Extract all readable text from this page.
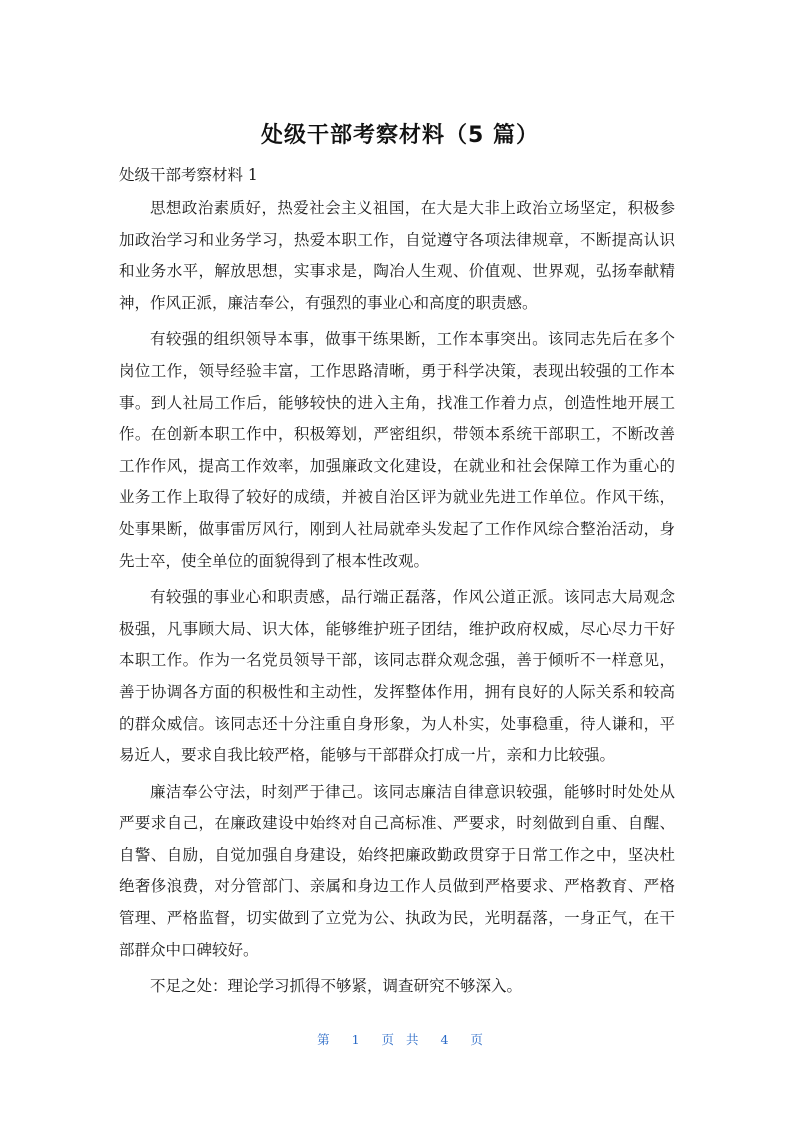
处级干部考察材料（5 篇）
处级干部考察材料 1

思想政治素质好，热爱社会主义祖国，在大是大非上政治立场坚定，积极参加政治学习和业务学习，热爱本职工作，自觉遵守各项法律规章，不断提高认识和业务水平，解放思想，实事求是，陶冶人生观、价值观、世界观，弘扬奉献精神，作风正派，廉洁奉公，有强烈的事业心和高度的职责感。

有较强的组织领导本事，做事干练果断，工作本事突出。该同志先后在多个岗位工作，领导经验丰富，工作思路清晰，勇于科学决策，表现出较强的工作本事。到人社局工作后，能够较快的进入主角，找准工作着力点，创造性地开展工作。在创新本职工作中，积极筹划，严密组织，带领本系统干部职工，不断改善工作作风，提高工作效率，加强廉政文化建设，在就业和社会保障工作为重心的业务工作上取得了较好的成绩，并被自治区评为就业先进工作单位。作风干练，处事果断，做事雷厉风行，刚到人社局就牵头发起了工作作风综合整治活动，身先士卒，使全单位的面貌得到了根本性改观。

有较强的事业心和职责感，品行端正磊落，作风公道正派。该同志大局观念极强，凡事顾大局、识大体，能够维护班子团结，维护政府权威，尽心尽力干好本职工作。作为一名党员领导干部，该同志群众观念强，善于倾听不一样意见，善于协调各方面的积极性和主动性，发挥整体作用，拥有良好的人际关系和较高的群众威信。该同志还十分注重自身形象，为人朴实，处事稳重，待人谦和，平易近人，要求自我比较严格，能够与干部群众打成一片，亲和力比较强。

廉洁奉公守法，时刻严于律己。该同志廉洁自律意识较强，能够时时处处从严要求自己，在廉政建设中始终对自己高标准、严要求，时刻做到自重、自醒、自警、自励，自觉加强自身建设，始终把廉政勤政贯穿于日常工作之中，坚决杜绝奢侈浪费，对分管部门、亲属和身边工作人员做到严格要求、严格教育、严格管理、严格监督，切实做到了立党为公、执政为民，光明磊落，一身正气，在干部群众中口碑较好。

不足之处：理论学习抓得不够紧，调查研究不够深入。

第 1 页 共 4 页
